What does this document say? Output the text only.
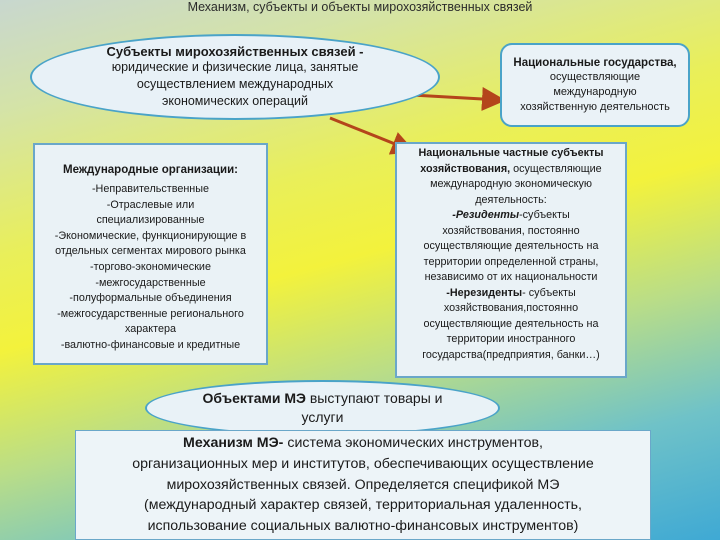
Механизм, субъекты и объекты мирохозяйственных связей
Субъекты мирохозяйственных связей -
юридические и физические лица, занятые
осуществлением международных
экономических операций
Национальные государства,
осуществляющие
международную
хозяйственную деятельность
Международные организации:
-Неправительственные
-Отраслевые или
специализированные
-Экономические, функционирующие в
отдельных сегментах мирового рынка
-торгово-экономические
-межгосударственные
-полуформальные объединения
-межгосударственные регионального
характера
-валютно-финансовые и кредитные
Национальные частные субъекты
хозяйствования, осуществляющие
международную экономическую
деятельность:
-Резиденты-субъекты
хозяйствования, постоянно
осуществляющие деятельность на
территории определенной страны,
независимо от их национальности
-Нерезиденты- субъекты
хозяйствования,постоянно
осуществляющие деятельность на
территории иностранного
государства(предприятия, банки…)
Объектами МЭ выступают товары и
услуги
Механизм МЭ- система экономических инструментов,
организационных мер и институтов, обеспечивающих осуществление
мирохозяйственных связей. Определяется спецификой МЭ
(международный характер связей, территориальная удаленность,
использование социальных валютно-финансовых инструментов)
